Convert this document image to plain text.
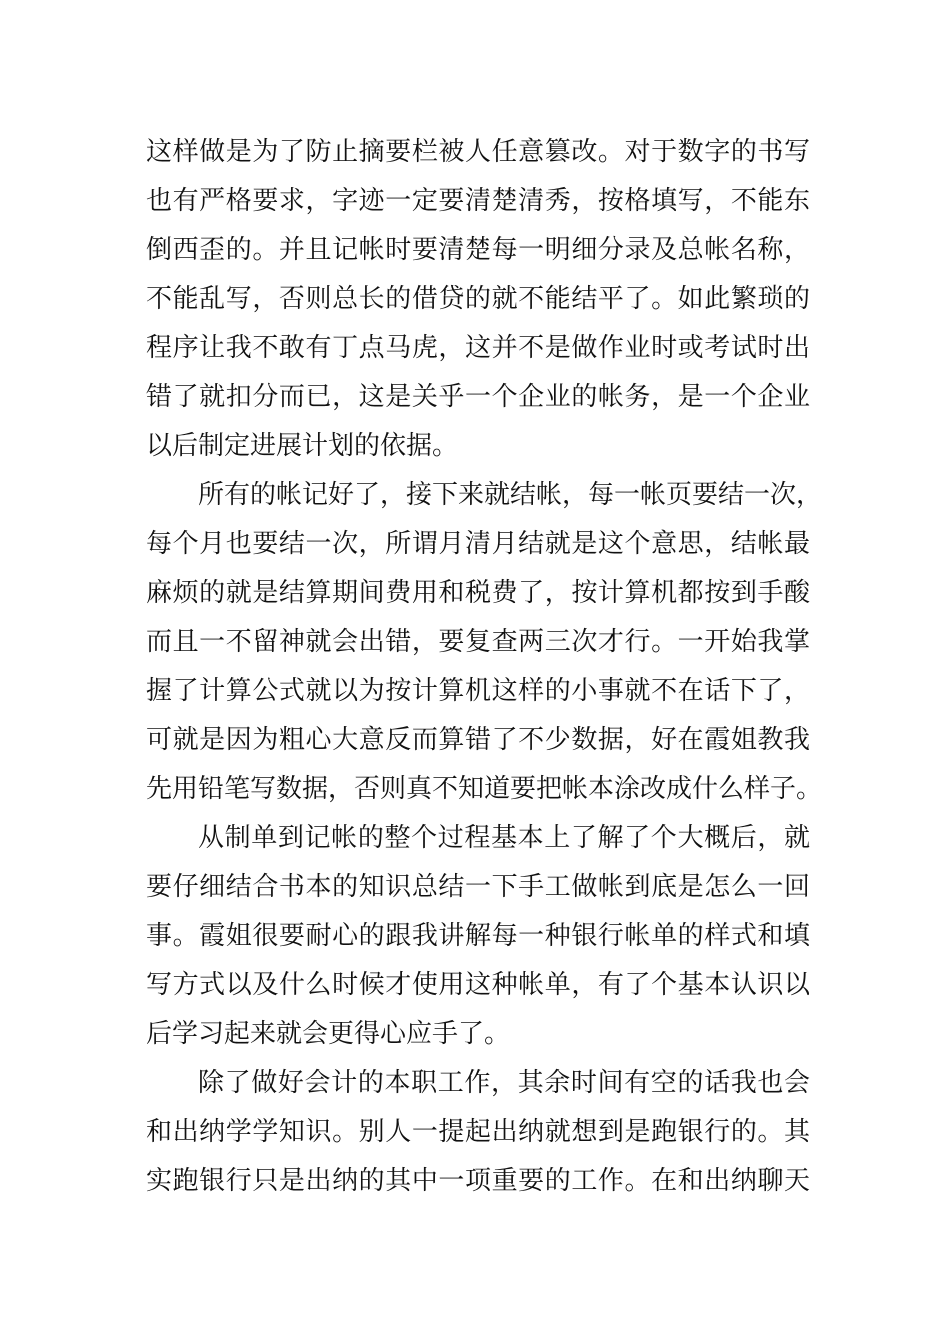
这样做是为了防止摘要栏被人任意篡改。对于数字的书写
也有严格要求，字迹一定要清楚清秀，按格填写，不能东
倒西歪的。并且记帐时要清楚每一明细分录及总帐名称，
不能乱写，否则总长的借贷的就不能结平了。如此繁琐的
程序让我不敢有丁点马虎，这并不是做作业时或考试时出
错了就扣分而已，这是关乎一个企业的帐务，是一个企业
以后制定进展计划的依据。
所有的帐记好了，接下来就结帐，每一帐页要结一次，
每个月也要结一次，所谓月清月结就是这个意思，结帐最
麻烦的就是结算期间费用和税费了，按计算机都按到手酸
而且一不留神就会出错，要复查两三次才行。一开始我掌
握了计算公式就以为按计算机这样的小事就不在话下了，
可就是因为粗心大意反而算错了不少数据，好在霞姐教我
先用铅笔写数据，否则真不知道要把帐本涂改成什么样子。
从制单到记帐的整个过程基本上了解了个大概后，就
要仔细结合书本的知识总结一下手工做帐到底是怎么一回
事。霞姐很要耐心的跟我讲解每一种银行帐单的样式和填
写方式以及什么时候才使用这种帐单，有了个基本认识以
后学习起来就会更得心应手了。
除了做好会计的本职工作，其余时间有空的话我也会
和出纳学学知识。别人一提起出纳就想到是跑银行的。其
实跑银行只是出纳的其中一项重要的工作。在和出纳聊天
